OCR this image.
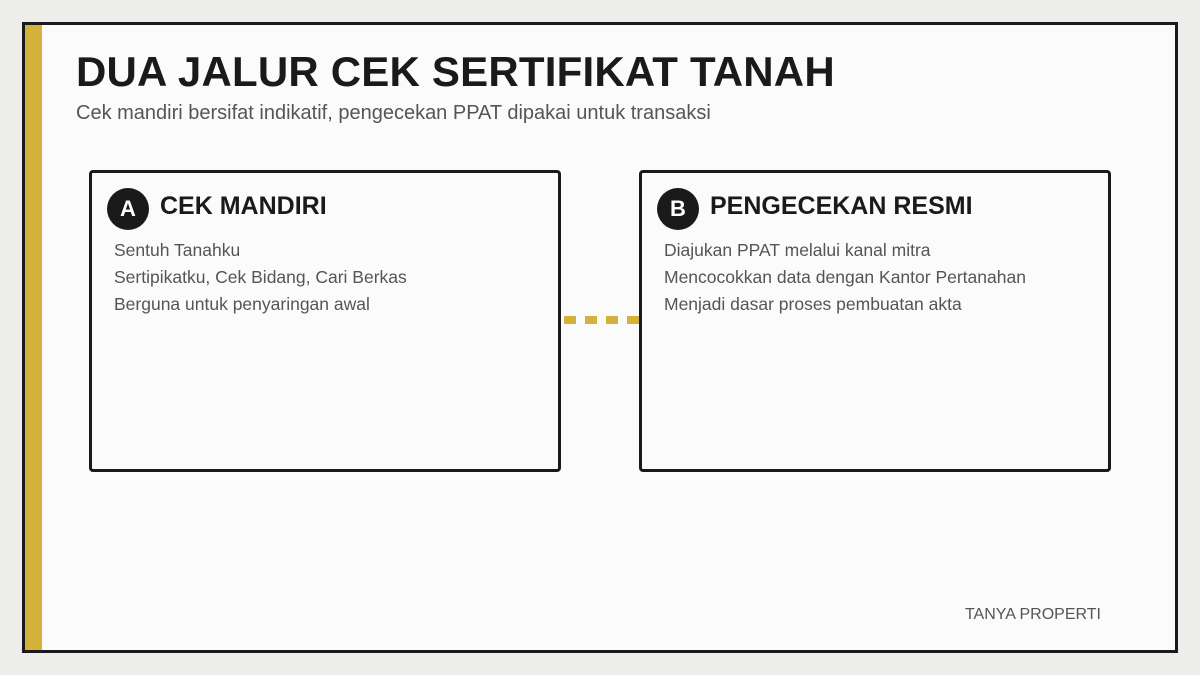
DUA JALUR CEK SERTIFIKAT TANAH

Cek mandiri bersifat indikatif, pengecekan PPAT dipakai untuk transaksi

A CEK MANDIRI
Sentuh Tanahku
Sertipikatku, Cek Bidang, Cari Berkas
Berguna untuk penyaringan awal
B PENGECEKAN RESMI
Diajukan PPAT melalui kanal mitra
Mencocokkan data dengan Kantor Pertanahan
Menjadi dasar proses pembuatan akta
TANYA PROPERTI
